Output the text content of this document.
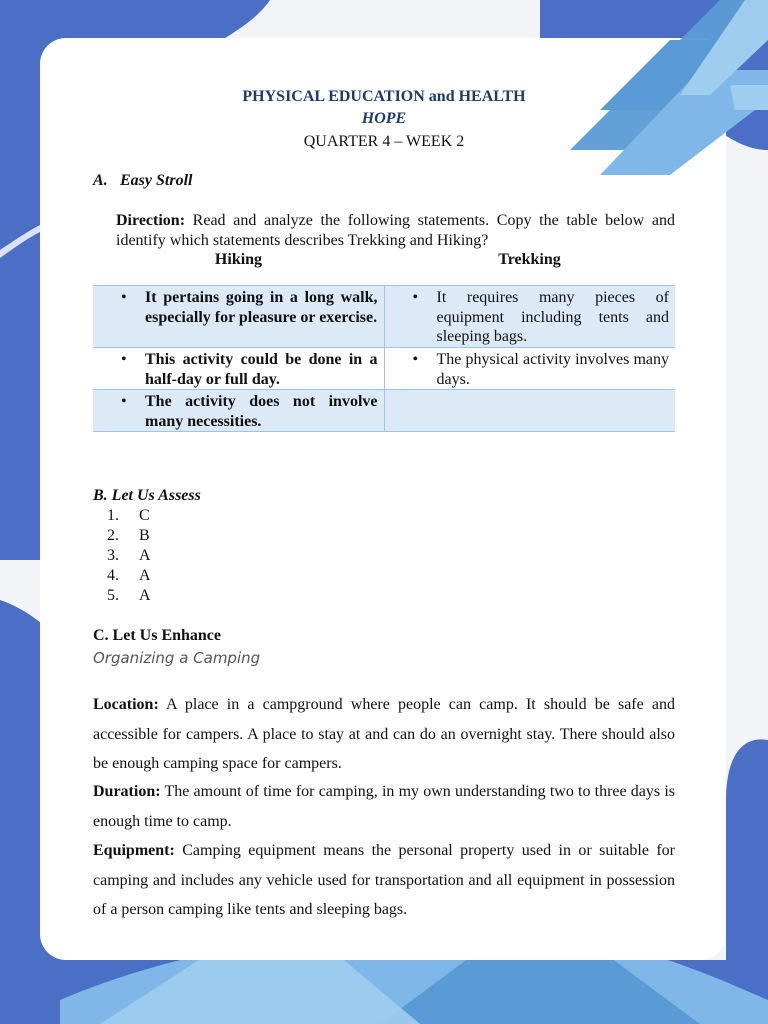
PHYSICAL EDUCATION and HEALTH
HOPE
QUARTER 4 – WEEK 2
A. Easy Stroll
Direction: Read and analyze the following statements. Copy the table below and identify which statements describes Trekking and Hiking?
Hiking	Trekking
• It pertains going in a long walk, especially for pleasure or exercise.	• It requires many pieces of equipment including tents and sleeping bags.

• This activity could be done in a half-day or full day.	• The physical activity involves many days.

• The activity does not involve many necessities.	

B. Let Us Assess
1.	C
2.	B
3.	A
4.	A
5.	A
C. Let Us Enhance
Organizing a Camping
Location: A place in a campground where people can camp. It should be safe and accessible for campers. A place to stay at and can do an overnight stay. There should also be enough camping space for campers.
Duration: The amount of time for camping, in my own understanding two to three days is enough time to camp.
Equipment: Camping equipment means the personal property used in or suitable for camping and includes any vehicle used for transportation and all equipment in possession of a person camping like tents and sleeping bags.
